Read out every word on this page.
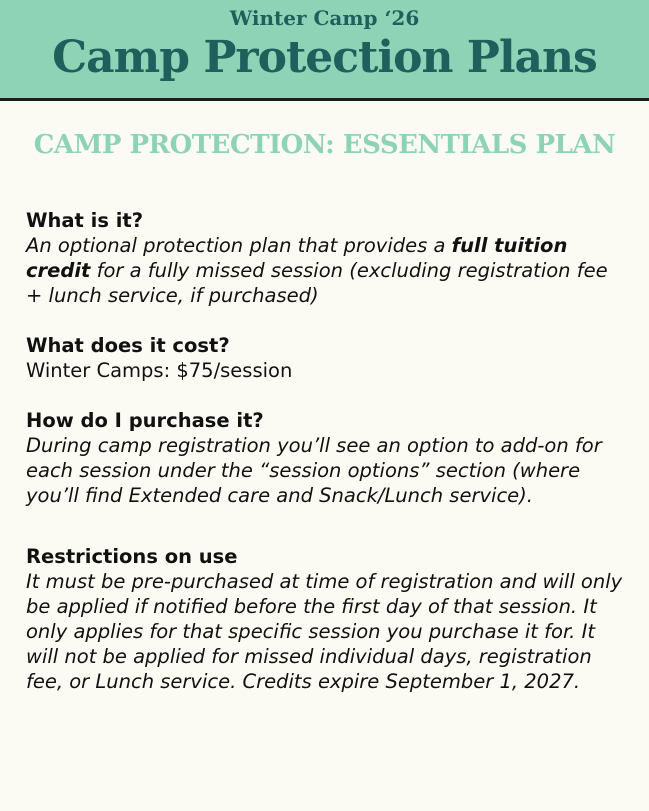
Winter Camp ‘26
Camp Protection Plans
CAMP PROTECTION: ESSENTIALS PLAN
What is it?
An optional protection plan that provides a full tuition credit for a fully missed session (excluding registration fee + lunch service, if purchased)
What does it cost?
Winter Camps: $75/session
How do I purchase it?
During camp registration you’ll see an option to add-on for each session under the “session options” section (where you’ll find Extended care and Snack/Lunch service).
Restrictions on use
It must be pre-purchased at time of registration and will only be applied if notified before the first day of that session. It only applies for that specific session you purchase it for. It will not be applied for missed individual days, registration fee, or Lunch service. Credits expire September 1, 2027.
